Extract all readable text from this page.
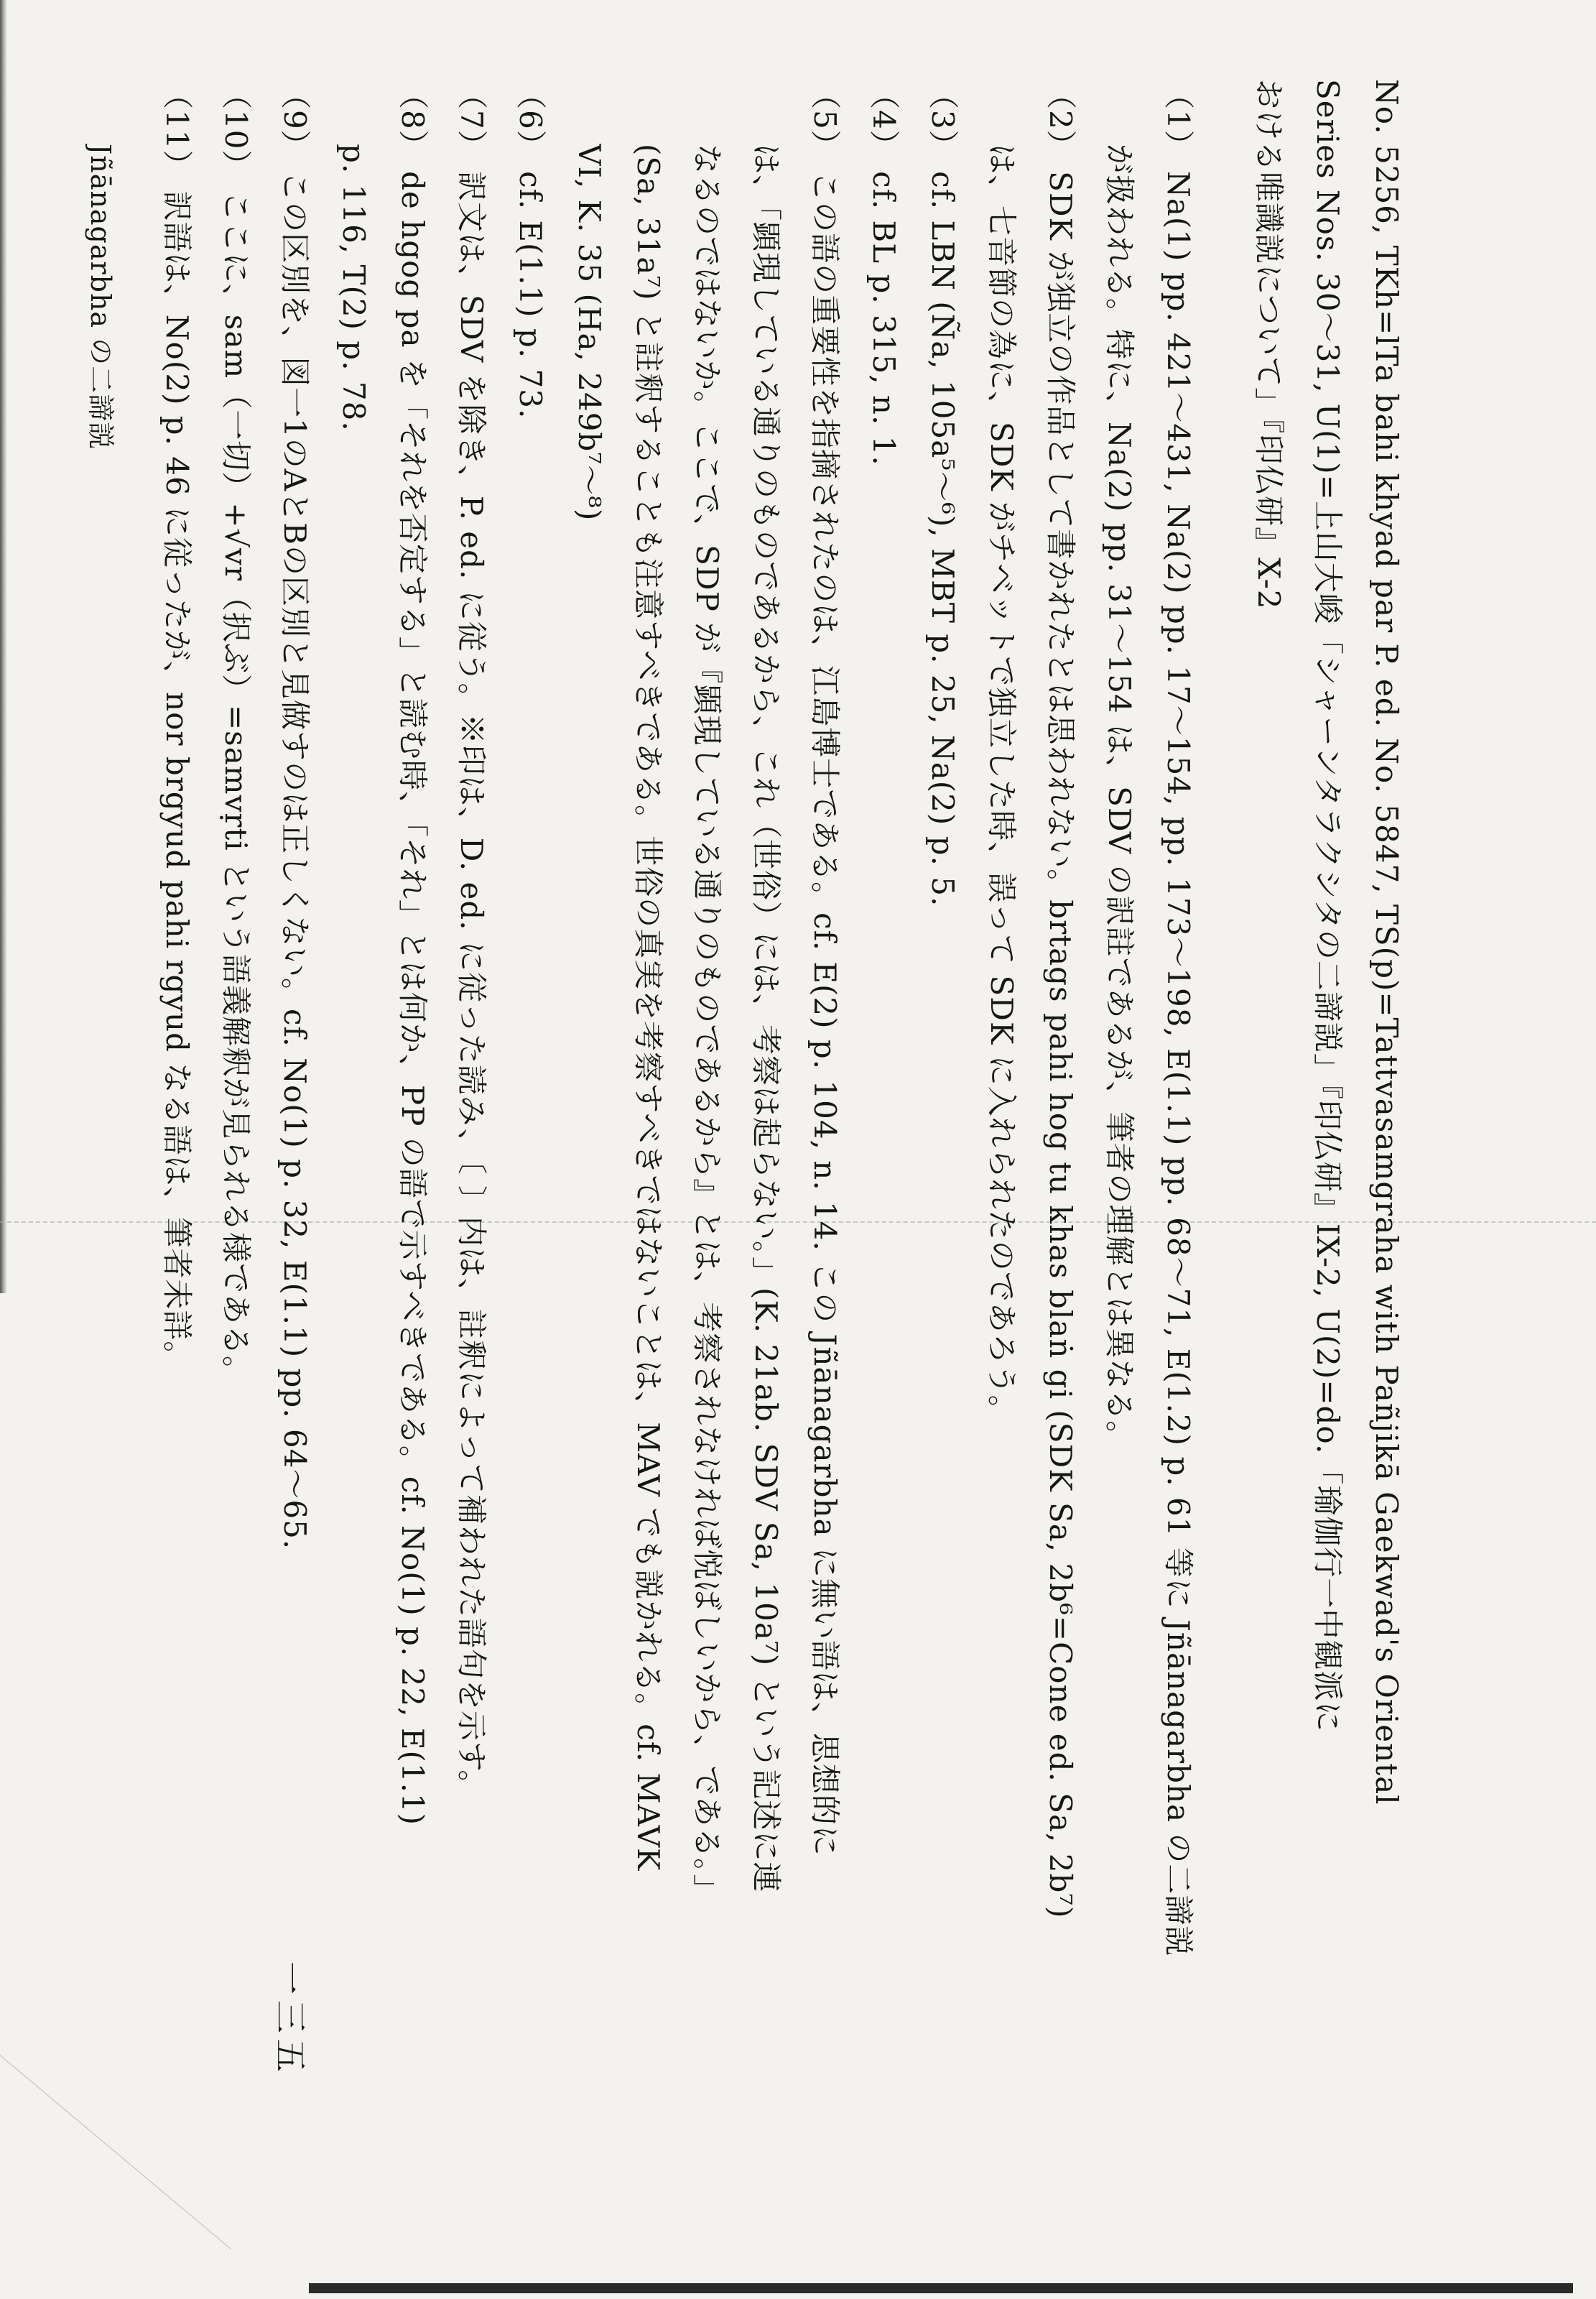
No. 5256, TKh=lTa bahi khyad par P. ed. No. 5847, TS(p)=Tattvasamgraha with Pañjikā Gaekwad's Oriental
Series Nos. 30〜31, U(1)=上山大峻「シャーンタラクシタの二諦説」『印仏研』IX-2, U(2)=do.「瑜伽行一中観派に
おける唯識説について」『印仏研』X-2
（1） Na(1) pp. 421〜431, Na(2) pp. 17〜154, pp. 173〜198, E(1.1) pp. 68〜71, E(1.2) p. 61 等に Jñānagarbha の二諦説
が扱われる。特に、Na(2) pp. 31〜154 は、SDV の訳註であるが、筆者の理解とは異なる。
（2） SDK が独立の作品として書かれたとは思われない。brtags pahi hog tu khas blaṅ gi (SDK Sa, 2b⁶=Cone ed. Sa, 2b⁷)
は、七音節の為に、SDK がチベットで独立した時、誤って SDK に入れられたのであろう。
（3） cf. LBN (Ña, 105a⁵〜⁶), MBT p. 25, Na(2) p. 5.
（4） cf. BL p. 315, n. 1.
（5） この語の重要性を指摘されたのは、江島博士である。cf. E(2) p. 104, n. 14. この Jñānagarbha に無い語は、思想的に
は、「顕現している通りのものであるから、これ（世俗）には、考察は起らない。」(K. 21ab. SDV Sa, 10a⁷) という記述に連
なるのではないか。ここで、SDP が『顕現している通りのものであるから』とは、考察されなければ悦ばしいから、である。」
(Sa, 31a⁷) と註釈することも注意すべきである。世俗の真実を考察すべきではないことは、MAV でも説かれる。cf. MAVK
VI, K. 35 (Ha, 249b⁷〜⁸)
（6） cf. E(1.1) p. 73.
（7） 訳文は、SDV を除き、P. ed. に従う。※印は、D. ed. に従った読み、〔 〕内は、註釈によって補われた語句を示す。
（8） de hgog pa を「それを否定する」と読む時、「それ」とは何か、PP の語で示すべきである。cf. No(1) p. 22, E(1.1)
p. 116, T(2) p. 78.
（9） この区別を、図一1のAとBの区別と見做すのは正しくない。cf. No(1) p. 32, E(1.1) pp. 64〜65.
（10） ここに、sam（一切）+√vr（択ぶ）=samvṛti という語義解釈が見られる様である。
（11） 訳語は、No(2) p. 46 に従ったが、nor brgyud pahi rgyud なる語は、筆者未詳。
Jñānagarbha の二諦説
一三五
